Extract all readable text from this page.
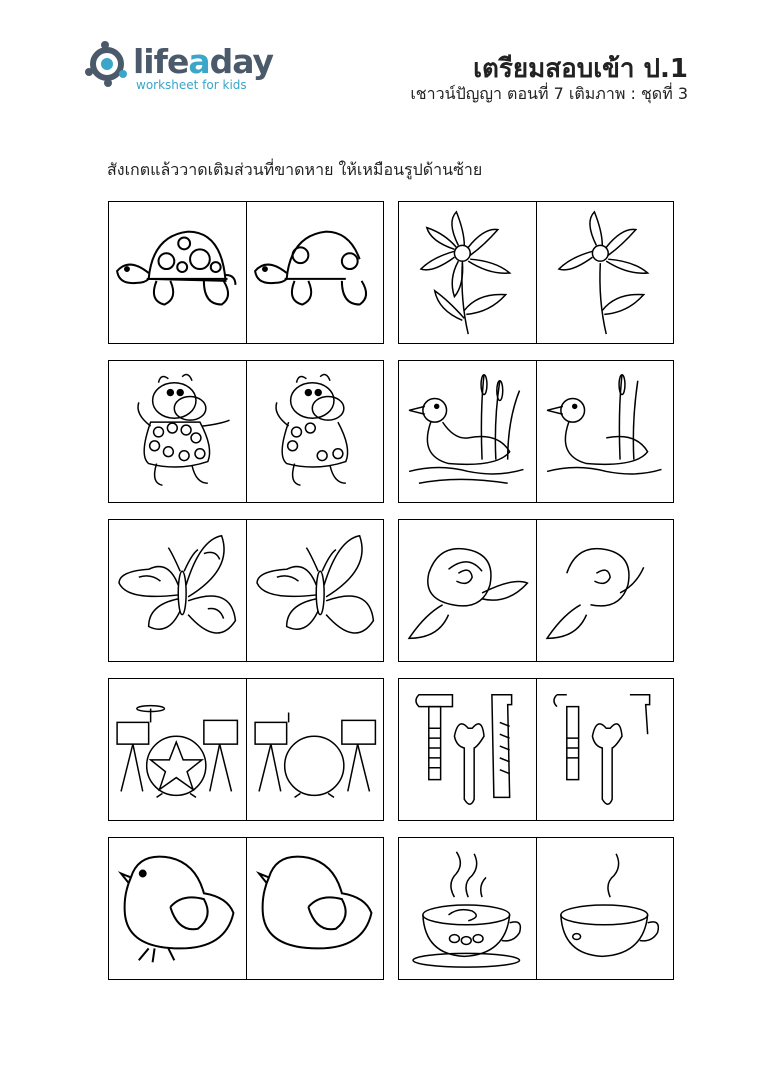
lifeaday
worksheet for kids
เตรียมสอบเข้า ป.1
เชาวน์ปัญญา ตอนที่ 7 เติมภาพ : ชุดที่ 3
สังเกตแล้ววาดเติมส่วนที่ขาดหาย ให้เหมือนรูปด้านซ้าย
